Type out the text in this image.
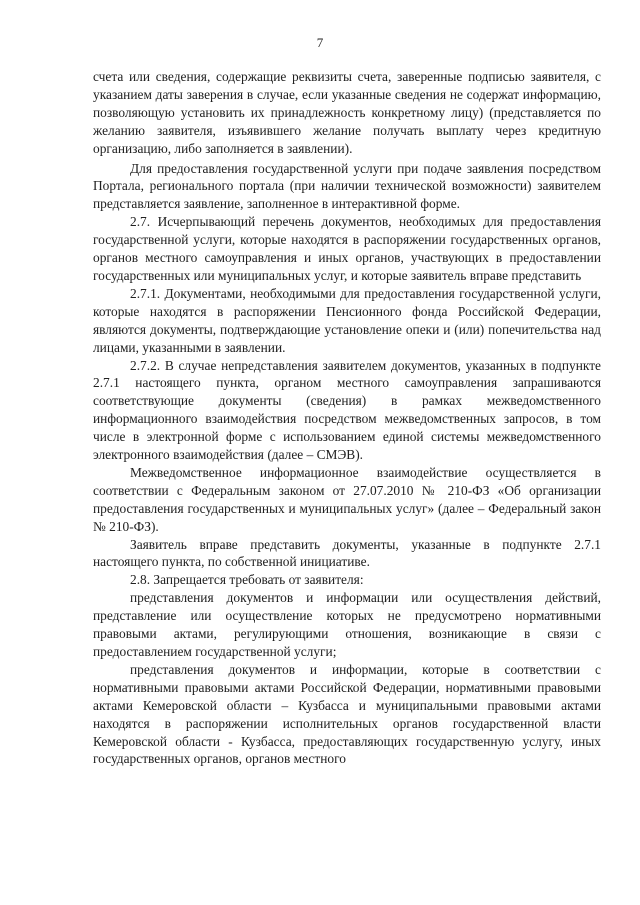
7

счета или сведения, содержащие реквизиты счета, заверенные подписью заявителя, с указанием даты заверения в случае, если указанные сведения не содержат информацию, позволяющую установить их принадлежность конкретному лицу) (представляется по желанию заявителя, изъявившего желание получать выплату через кредитную организацию, либо заполняется в заявлении).

Для предоставления государственной услуги при подаче заявления посредством Портала, регионального портала (при наличии технической возможности) заявителем представляется заявление, заполненное в интерактивной форме.

2.7. Исчерпывающий перечень документов, необходимых для предоставления государственной услуги, которые находятся в распоряжении государственных органов, органов местного самоуправления и иных органов, участвующих в предоставлении государственных или муниципальных услуг, и которые заявитель вправе представить

2.7.1. Документами, необходимыми для предоставления государственной услуги, которые находятся в распоряжении Пенсионного фонда Российской Федерации, являются документы, подтверждающие установление опеки и (или) попечительства над лицами, указанными в заявлении.

2.7.2. В случае непредставления заявителем документов, указанных в подпункте 2.7.1 настоящего пункта, органом местного самоуправления запрашиваются соответствующие документы (сведения) в рамках межведомственного информационного взаимодействия посредством межведомственных запросов, в том числе в электронной форме с использованием единой системы межведомственного электронного взаимодействия (далее – СМЭВ).

Межведомственное информационное взаимодействие осуществляется в соответствии с Федеральным законом от 27.07.2010 № 210-ФЗ «Об организации предоставления государственных и муниципальных услуг» (далее – Федеральный закон № 210-ФЗ).

Заявитель вправе представить документы, указанные в подпункте 2.7.1 настоящего пункта, по собственной инициативе.

2.8. Запрещается требовать от заявителя:

представления документов и информации или осуществления действий, представление или осуществление которых не предусмотрено нормативными правовыми актами, регулирующими отношения, возникающие в связи с предоставлением государственной услуги;

представления документов и информации, которые в соответствии с нормативными правовыми актами Российской Федерации, нормативными правовыми актами Кемеровской области – Кузбасса и муниципальными правовыми актами находятся в распоряжении исполнительных органов государственной власти Кемеровской области - Кузбасса, предоставляющих государственную услугу, иных государственных органов, органов местного
